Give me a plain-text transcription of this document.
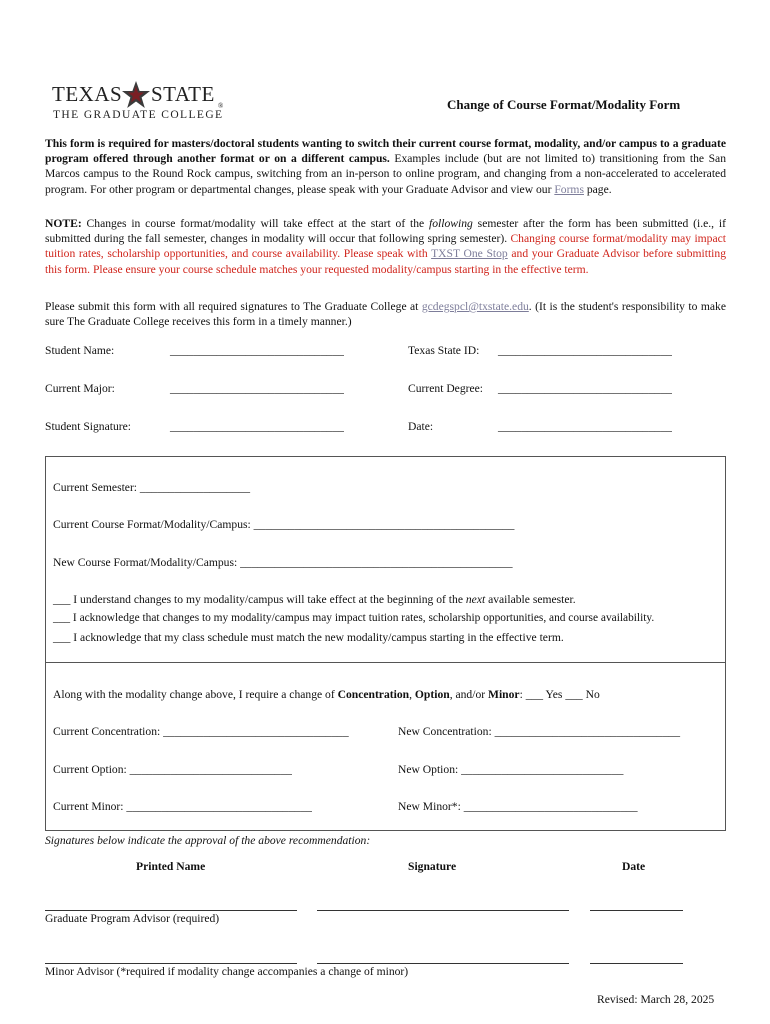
TEXAS STATE ®
THE GRADUATE COLLEGE
Change of Course Format/Modality Form
This form is required for masters/doctoral students wanting to switch their current course format, modality, and/or campus to a graduate program offered through another format or on a different campus. Examples include (but are not limited to) transitioning from the San Marcos campus to the Round Rock campus, switching from an in-person to online program, and changing from a non-accelerated to accelerated program. For other program or departmental changes, please speak with your Graduate Advisor and view our Forms page.
NOTE: Changes in course format/modality will take effect at the start of the following semester after the form has been submitted (i.e., if submitted during the fall semester, changes in modality will occur that following spring semester). Changing course format/modality may impact tuition rates, scholarship opportunities, and course availability. Please speak with TXST One Stop and your Graduate Advisor before submitting this form. Please ensure your course schedule matches your requested modality/campus starting in the effective term.
Please submit this form with all required signatures to The Graduate College at gcdegspcl@txstate.edu. (It is the student's responsibility to make sure The Graduate College receives this form in a timely manner.)
Student Name:	______________________________	Texas State ID: ______________________________
Current Major:	______________________________	Current Degree: ______________________________
Student Signature:	______________________________	Date:	______________________________
Current Semester: ___________________
Current Course Format/Modality/Campus: _____________________________________________
New Course Format/Modality/Campus: _______________________________________________
___ I understand changes to my modality/campus will take effect at the beginning of the next available semester.
___ I acknowledge that changes to my modality/campus may impact tuition rates, scholarship opportunities, and course availability.
___ I acknowledge that my class schedule must match the new modality/campus starting in the effective term.
Along with the modality change above, I require a change of Concentration, Option, and/or Minor: ___ Yes ___ No
Current Concentration: ________________________________	New Concentration: ________________________________
Current Option: ____________________________	New Option: ____________________________
Current Minor: ________________________________	New Minor*: ______________________________
Signatures below indicate the approval of the above recommendation:
Printed Name	Signature	Date
Graduate Program Advisor (required)
Minor Advisor (*required if modality change accompanies a change of minor)
Revised: March 28, 2025
